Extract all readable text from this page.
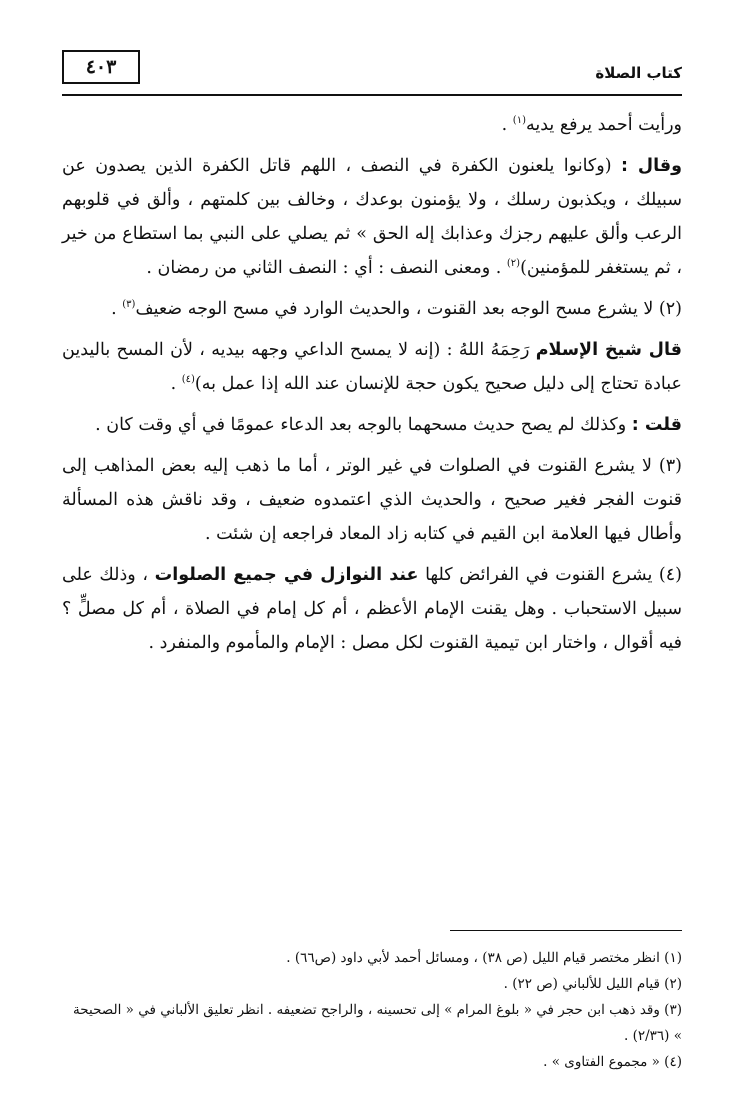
كتاب الصلاة
٤٠٣

ورأيت أحمد يرفع يديه$^{(١)}$ .

وقال : (وكانوا يلعنون الكفرة في النصف ، اللهم قاتل الكفرة الذين يصدون عن سبيلك ، ويكذبون رسلك ، ولا يؤمنون بوعدك ، وخالف بين كلمتهم ، وألق في قلوبهم الرعب وألق عليهم رجزك وعذابك إله الحق » ثم يصلي على النبي بما استطاع من خير ، ثم يستغفر للمؤمنين)$^{(٢)}$ . ومعنى النصف : أي : النصف الثاني من رمضان .

(٢) لا يشرع مسح الوجه بعد القنوت ، والحديث الوارد في مسح الوجه ضعيف$^{(٣)}$ .

قال شيخ الإسلام رَحِمَهُ اللهُ : (إنه لا يمسح الداعي وجهه بيديه ، لأن المسح باليدين عبادة تحتاج إلى دليل صحيح يكون حجة للإنسان عند الله إذا عمل به)$^{(٤)}$ .

قلت : وكذلك لم يصح حديث مسحهما بالوجه بعد الدعاء عمومًا في أي وقت كان .

(٣) لا يشرع القنوت في الصلوات في غير الوتر ، أما ما ذهب إليه بعض المذاهب إلى قنوت الفجر فغير صحيح ، والحديث الذي اعتمدوه ضعيف ، وقد ناقش هذه المسألة وأطال فيها العلامة ابن القيم في كتابه زاد المعاد فراجعه إن شئت .

(٤) يشرع القنوت في الفرائض كلها عند النوازل في جميع الصلوات ، وذلك على سبيل الاستحباب . وهل يقنت الإمام الأعظم ، أم كل إمام في الصلاة ، أم كل مصلٍّ ؟ فيه أقوال ، واختار ابن تيمية القنوت لكل مصل : الإمام والمأموم والمنفرد .

(١) انظر مختصر قيام الليل (ص ٣٨) ، ومسائل أحمد لأبي داود (ص٦٦) .

(٢) قيام الليل للألباني (ص ٢٢) .

(٣) وقد ذهب ابن حجر في « بلوغ المرام » إلى تحسينه ، والراجح تضعيفه . انظر تعليق الألباني في « الصحيحة » (٢/٣٦) .

(٤) « مجموع الفتاوى » .
